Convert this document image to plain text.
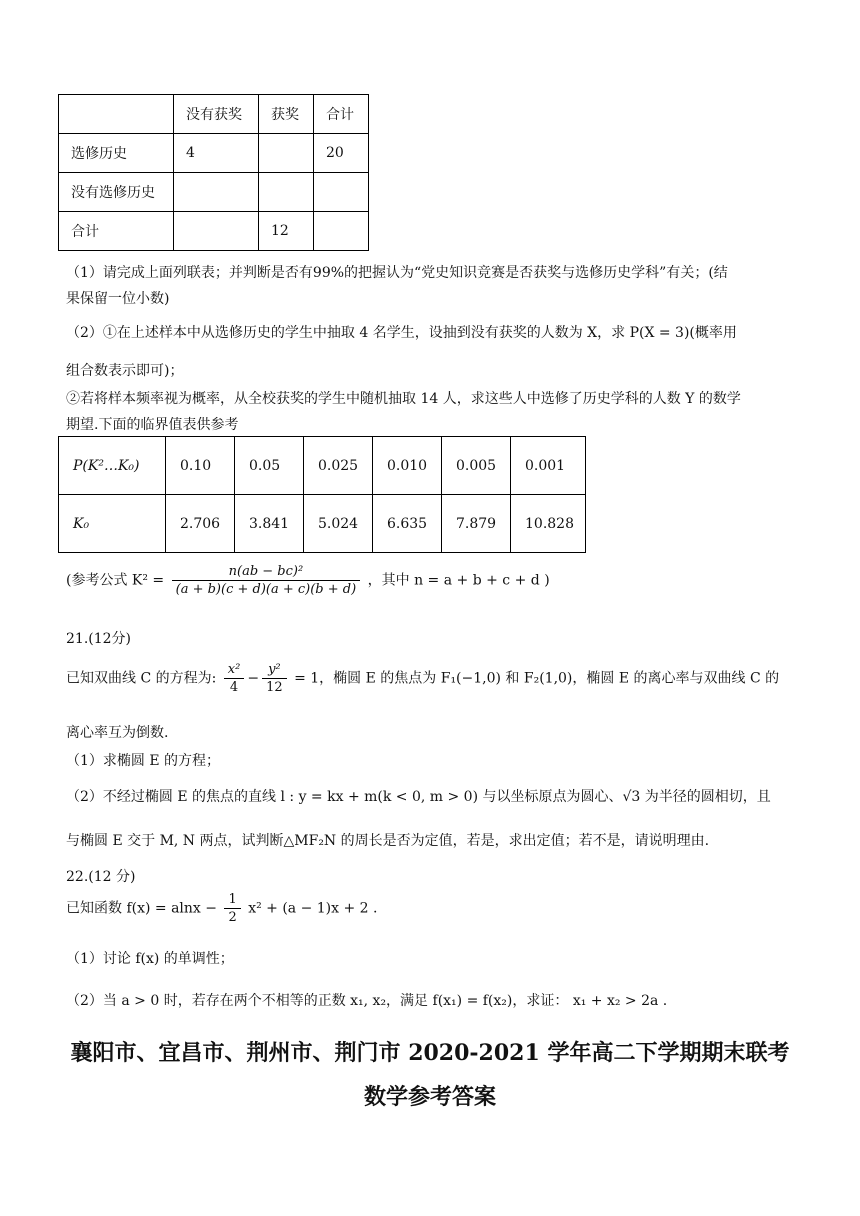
	没有获奖	获奖	合计
选修历史	4		20
没有选修历史			
合计		12	
（1）请完成上面列联表；并判断是否有99%的把握认为“党史知识竞赛是否获奖与选修历史学科”有关；(结
果保留一位小数)
（2）①在上述样本中从选修历史的学生中抽取 4 名学生，设抽到没有获奖的人数为 X，求 P(X = 3)(概率用
组合数表示即可)；
②若将样本频率视为概率，从全校获奖的学生中随机抽取 14 人，求这些人中选修了历史学科的人数 Y 的数学
期望.下面的临界值表供参考
P(K²…K₀)	0.10	0.05	0.025	0.010	0.005	0.001
K₀	2.706	3.841	5.024	6.635	7.879	10.828
(参考公式 $K^2 = \frac{\text{n(ab − bc)²}}{(a + b)(c + d)(a + c)(b + d)}$ ，其中 n = a + b + c + d )
21.(12分)
已知双曲线 C 的方程为: $\frac{\text{x²}}{4} - \frac{\text{y²}}{12} = 1$，椭圆 E 的焦点为 F₁(−1,0) 和 F₂(1,0)，椭圆 E 的离心率与双曲线 C 的
离心率互为倒数.
（1）求椭圆 E 的方程；
（2）不经过椭圆 E 的焦点的直线 l : y = kx + m(k < 0, m > 0) 与以坐标原点为圆心、√3 为半径的圆相切，且
与椭圆 E 交于 M, N 两点，试判断△MF₂N 的周长是否为定值，若是，求出定值；若不是，请说明理由.
22.(12 分)
已知函数 $f(x) = alnx - \frac{1}{2} x^2 + (a - 1)x + 2$ .
（1）讨论 f(x) 的单调性；
（2）当 a > 0 时，若存在两个不相等的正数 x₁, x₂，满足 f(x₁) = f(x₂)，求证： x₁ + x₂ > 2a .
襄阳市、宜昌市、荆州市、荆门市 2020-2021 学年高二下学期期末联考
数学参考答案
